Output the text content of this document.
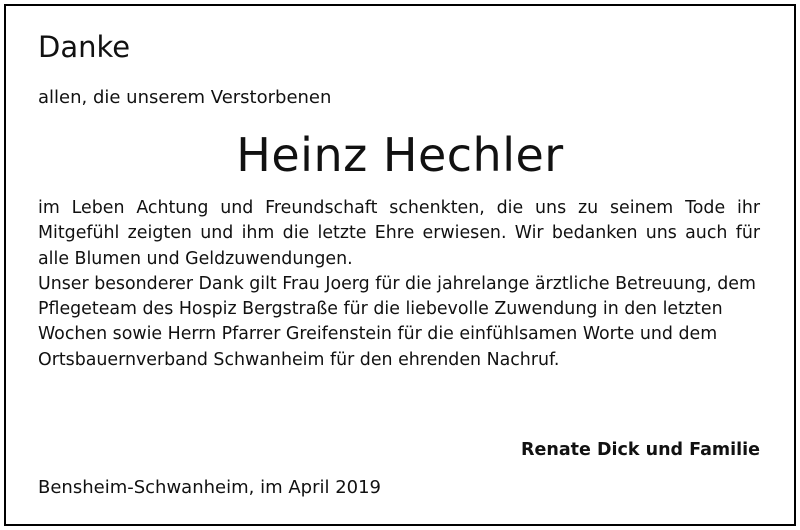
Danke
allen, die unserem Verstorbenen
Heinz Hechler

im Leben Achtung und Freundschaft schenkten, die uns zu seinem Tode ihr Mitgefühl zeigten und ihm die letzte Ehre erwiesen. Wir bedanken uns auch für alle Blumen und Geldzuwendungen.

Unser besonderer Dank gilt Frau Joerg für die jahrelange ärztliche Betreuung, dem Pflegeteam des Hospiz Bergstraße für die liebevolle Zuwendung in den letzten Wochen sowie Herrn Pfarrer Greifenstein für die einfühlsamen Worte und dem Ortsbauernverband Schwanheim für den ehrenden Nachruf.

Renate Dick und Familie
Bensheim-Schwanheim, im April 2019
